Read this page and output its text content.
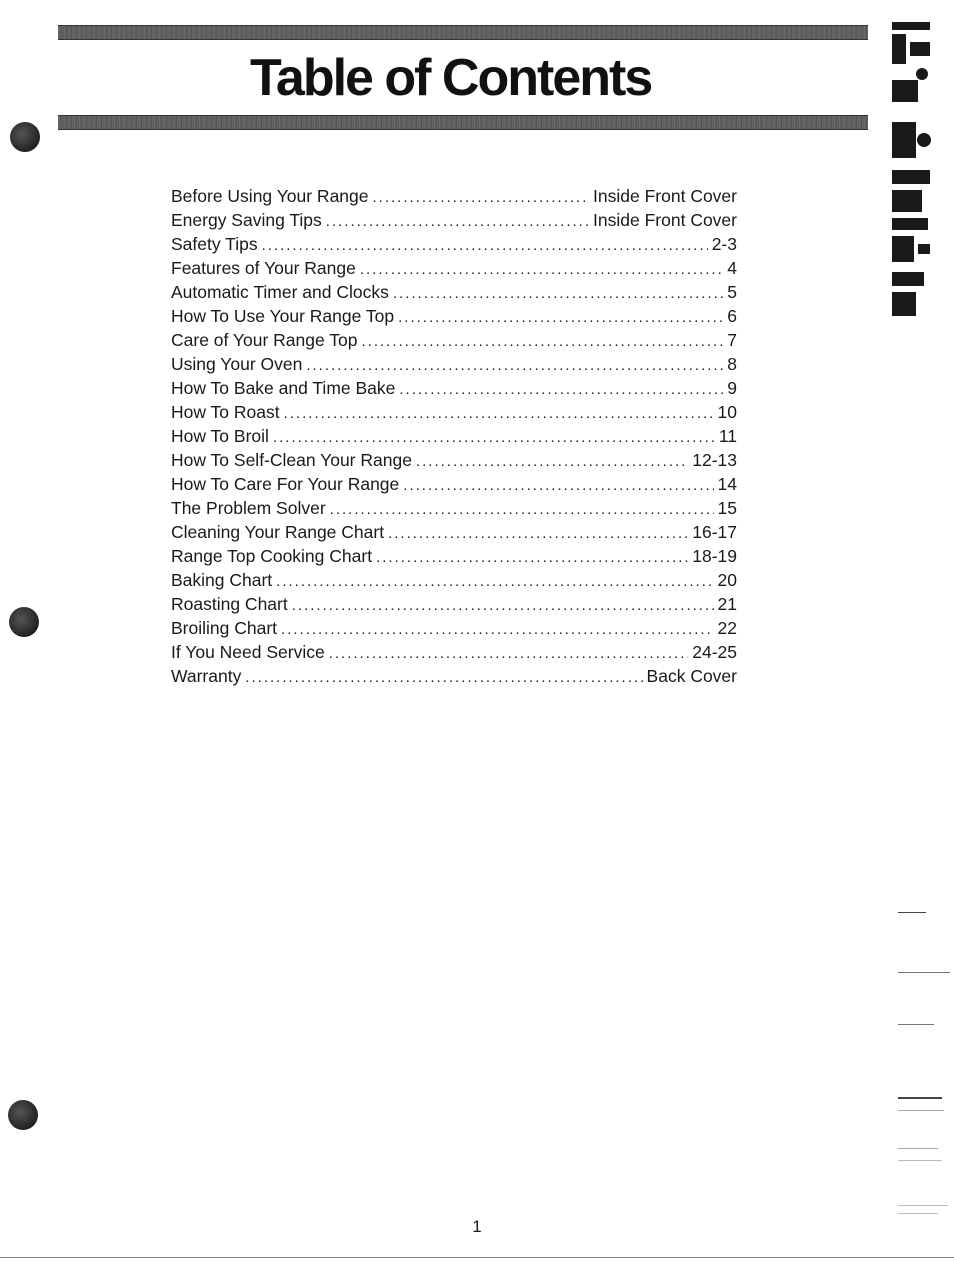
Table of Contents
Before Using Your Range .....	Inside Front Cover
Energy Saving Tips .....	Inside Front Cover
Safety Tips .....	2-3
Features of Your Range .....	4
Automatic Timer and Clocks .....	5
How To Use Your Range Top .....	6
Care of Your Range Top .....	7
Using Your Oven .....	8
How To Bake and Time Bake .....	9
How To Roast .....	10
How To Broil .....	11
How To Self-Clean Your Range .....	12-13
How To Care For Your Range .....	14
The Problem Solver .....	15
Cleaning Your Range Chart .....	16-17
Range Top Cooking Chart .....	18-19
Baking Chart .....	20
Roasting Chart .....	21
Broiling Chart .....	22
If You Need Service .....	24-25
Warranty .....	Back Cover
1
